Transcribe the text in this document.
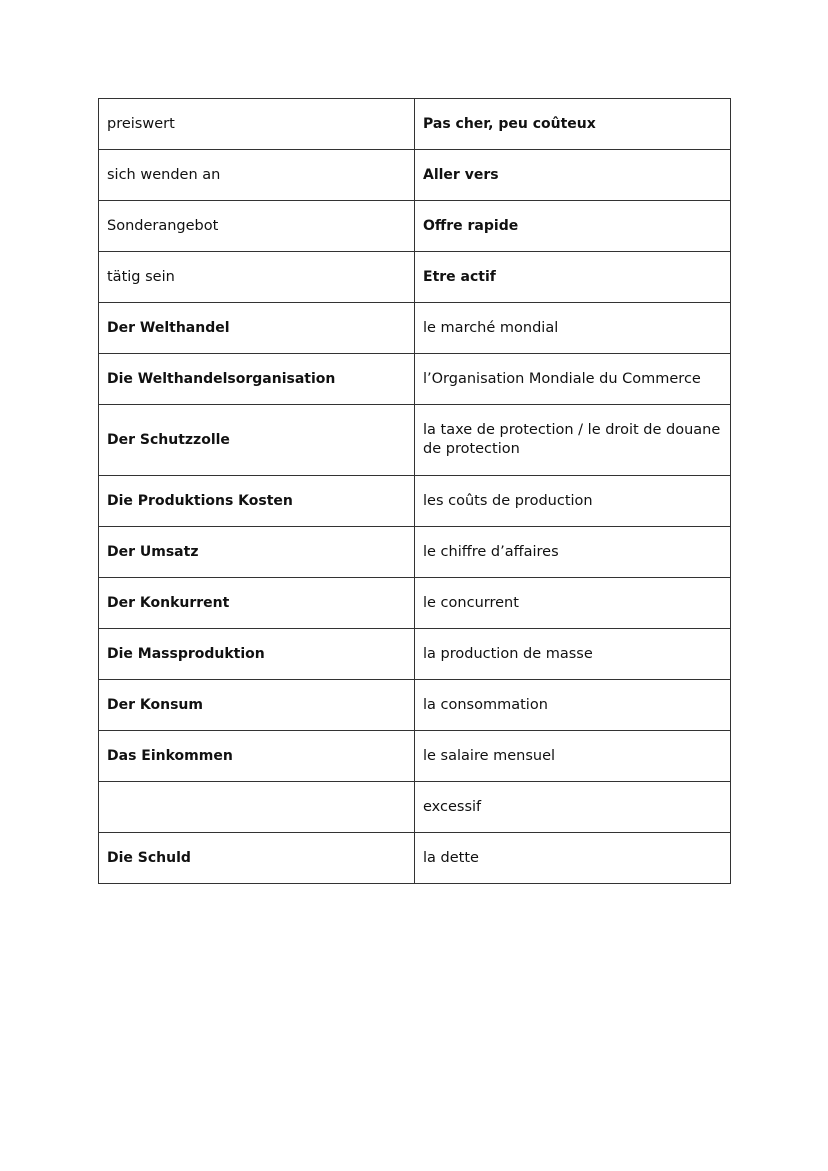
preiswert	Pas cher, peu coûteux
sich wenden an	Aller vers
Sonderangebot	Offre rapide
tätig sein	Etre actif
Der Welthandel	le marché mondial
Die Welthandelsorganisation	l’Organisation Mondiale du Commerce
Der Schutzzolle	la taxe de protection / le droit de douane de protection
Die Produktions Kosten	les coûts de production
Der Umsatz	le chiffre d’affaires
Der Konkurrent	le concurrent
Die Massproduktion	la production de masse
Der Konsum	la consommation
Das Einkommen	le salaire mensuel
	excessif
Die Schuld	la dette
